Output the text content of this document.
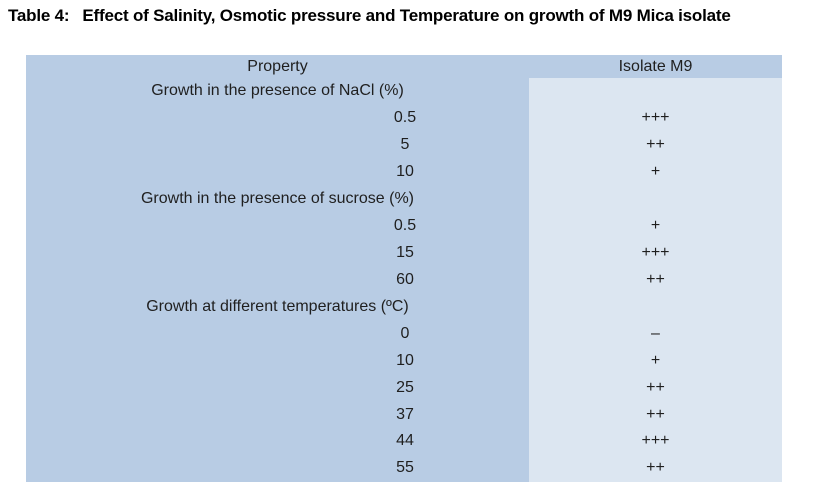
Table 4: Effect of Salinity, Osmotic pressure and Temperature on growth of M9 Mica isolate
Property	Isolate M9
Growth in the presence of NaCl (%)
0.5	+++
5	++
10	+
Growth in the presence of sucrose (%)
0.5	+
15	+++
60	++
Growth at different temperatures (ºC)
0	–
10	+
25	++
37	++
44	+++
55	++
